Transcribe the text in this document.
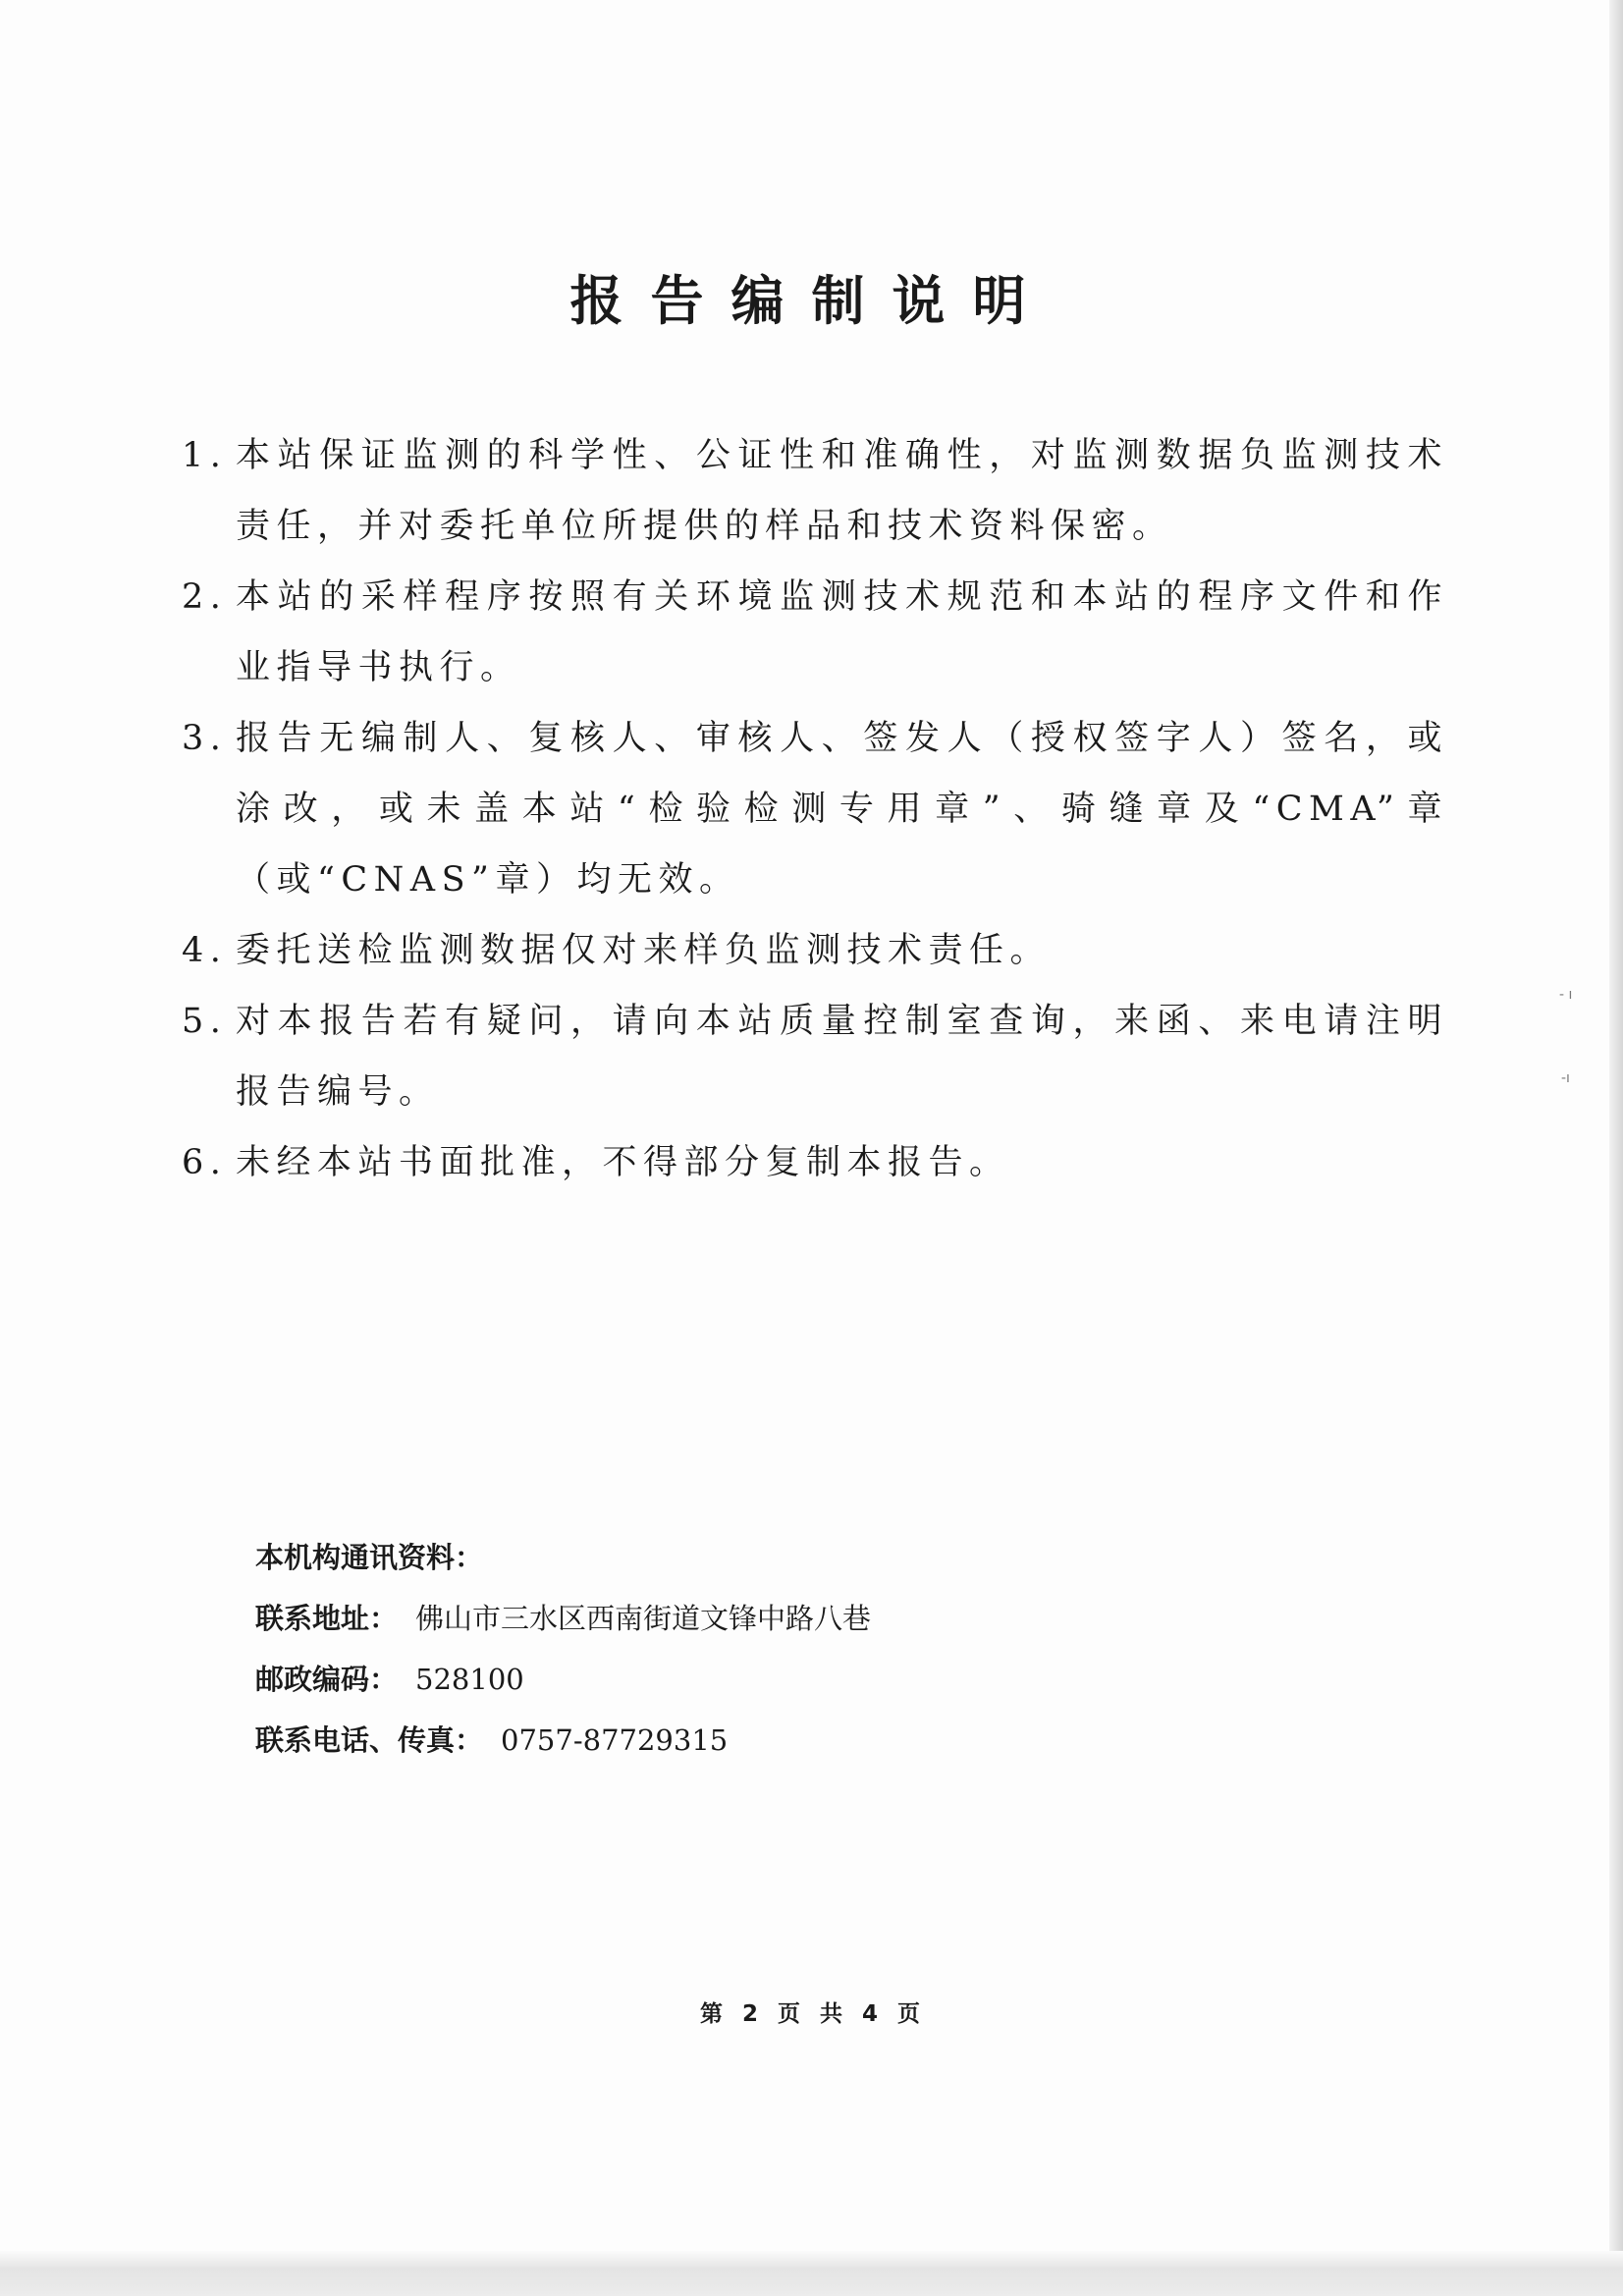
- ı
-ı
报告编制说明
1. 本站保证监测的科学性、公证性和准确性，对监测数据负监测技术责任，并对委托单位所提供的样品和技术资料保密。
2. 本站的采样程序按照有关环境监测技术规范和本站的程序文件和作业指导书执行。
3. 报告无编制人、复核人、审核人、签发人（授权签字人）签名，或涂改，或未盖本站“检验检测专用章”、骑缝章及“CMA”章（或“CNAS”章）均无效。
4. 委托送检监测数据仅对来样负监测技术责任。
5. 对本报告若有疑问，请向本站质量控制室查询，来函、来电请注明报告编号。
6. 未经本站书面批准，不得部分复制本报告。
本机构通讯资料：
联系地址： 佛山市三水区西南街道文锋中路八巷
邮政编码： 528100
联系电话、传真： 0757-87729315
第 2 页 共 4 页
